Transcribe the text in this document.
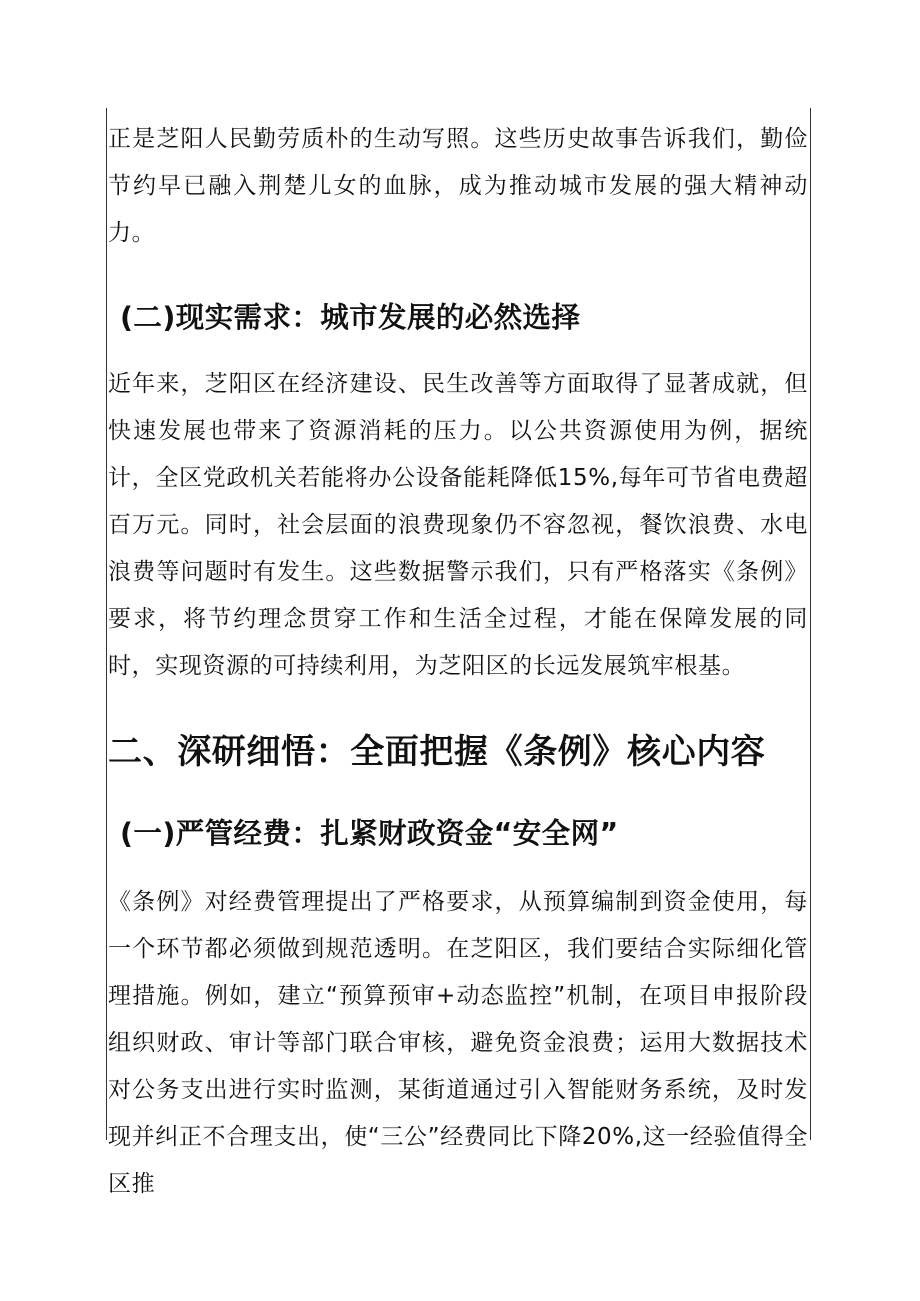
正是芝阳人民勤劳质朴的生动写照。这些历史故事告诉我们，勤俭节约早已融入荆楚儿女的血脉，成为推动城市发展的强大精神动力。

(二)现实需求：城市发展的必然选择

近年来，芝阳区在经济建设、民生改善等方面取得了显著成就，但快速发展也带来了资源消耗的压力。以公共资源使用为例，据统计，全区党政机关若能将办公设备能耗降低15%,每年可节省电费超百万元。同时，社会层面的浪费现象仍不容忽视，餐饮浪费、水电浪费等问题时有发生。这些数据警示我们，只有严格落实《条例》要求，将节约理念贯穿工作和生活全过程，才能在保障发展的同时，实现资源的可持续利用，为芝阳区的长远发展筑牢根基。

二、深研细悟：全面把握《条例》核心内容
(一)严管经费：扎紧财政资金“安全网”

《条例》对经费管理提出了严格要求，从预算编制到资金使用，每一个环节都必须做到规范透明。在芝阳区，我们要结合实际细化管理措施。例如，建立“预算预审+动态监控”机制，在项目申报阶段组织财政、审计等部门联合审核，避免资金浪费；运用大数据技术对公务支出进行实时监测，某街道通过引入智能财务系统，及时发现并纠正不合理支出，使“三公”经费同比下降20%,这一经验值得全区推
